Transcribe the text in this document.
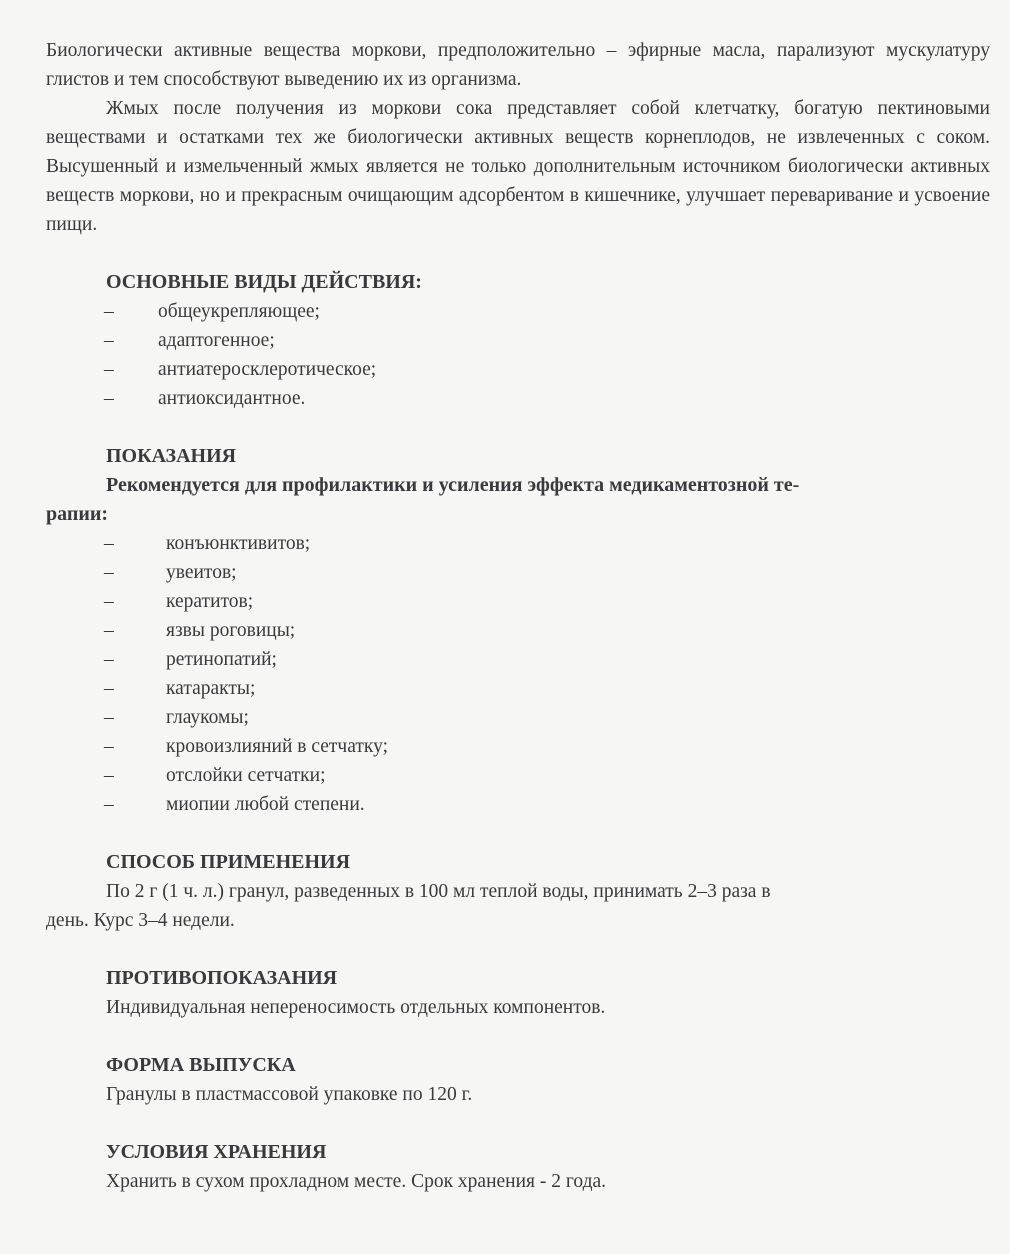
Биологически активные вещества моркови, предположительно – эфирные масла, парализуют мускулатуру глистов и тем способствуют выведению их из организма.

Жмых после получения из моркови сока представляет собой клетчатку, богатую пектиновыми веществами и остатками тех же биологически активных веществ корнеплодов, не извлеченных с соком. Высушенный и измельченный жмых является не только дополнительным источником биологически активных веществ моркови, но и прекрасным очищающим адсорбентом в кишечнике, улучшает переваривание и усвоение пищи.

ОСНОВНЫЕ ВИДЫ ДЕЙСТВИЯ:
– общеукрепляющее;
– адаптогенное;
– антиатеросклеротическое;
– антиоксидантное.
ПОКАЗАНИЯ

Рекомендуется для профилактики и усиления эффекта медикаментозной те-
рапии:

–	конъюнктивитов;
–	увеитов;
–	кератитов;
–	язвы роговицы;
–	ретинопатий;
–	катаракты;
–	глаукомы;
–	кровоизлияний в сетчатку;
–	отслойки сетчатки;
–	миопии любой степени.
СПОСОБ ПРИМЕНЕНИЯ

По 2 г (1 ч. л.) гранул, разведенных в 100 мл теплой воды, принимать 2–3 раза в
день. Курс 3–4 недели.

ПРОТИВОПОКАЗАНИЯ

Индивидуальная непереносимость отдельных компонентов.

ФОРМА ВЫПУСКА

Гранулы в пластмассовой упаковке по 120 г.

УСЛОВИЯ ХРАНЕНИЯ

Хранить в сухом прохладном месте. Срок хранения - 2 года.
